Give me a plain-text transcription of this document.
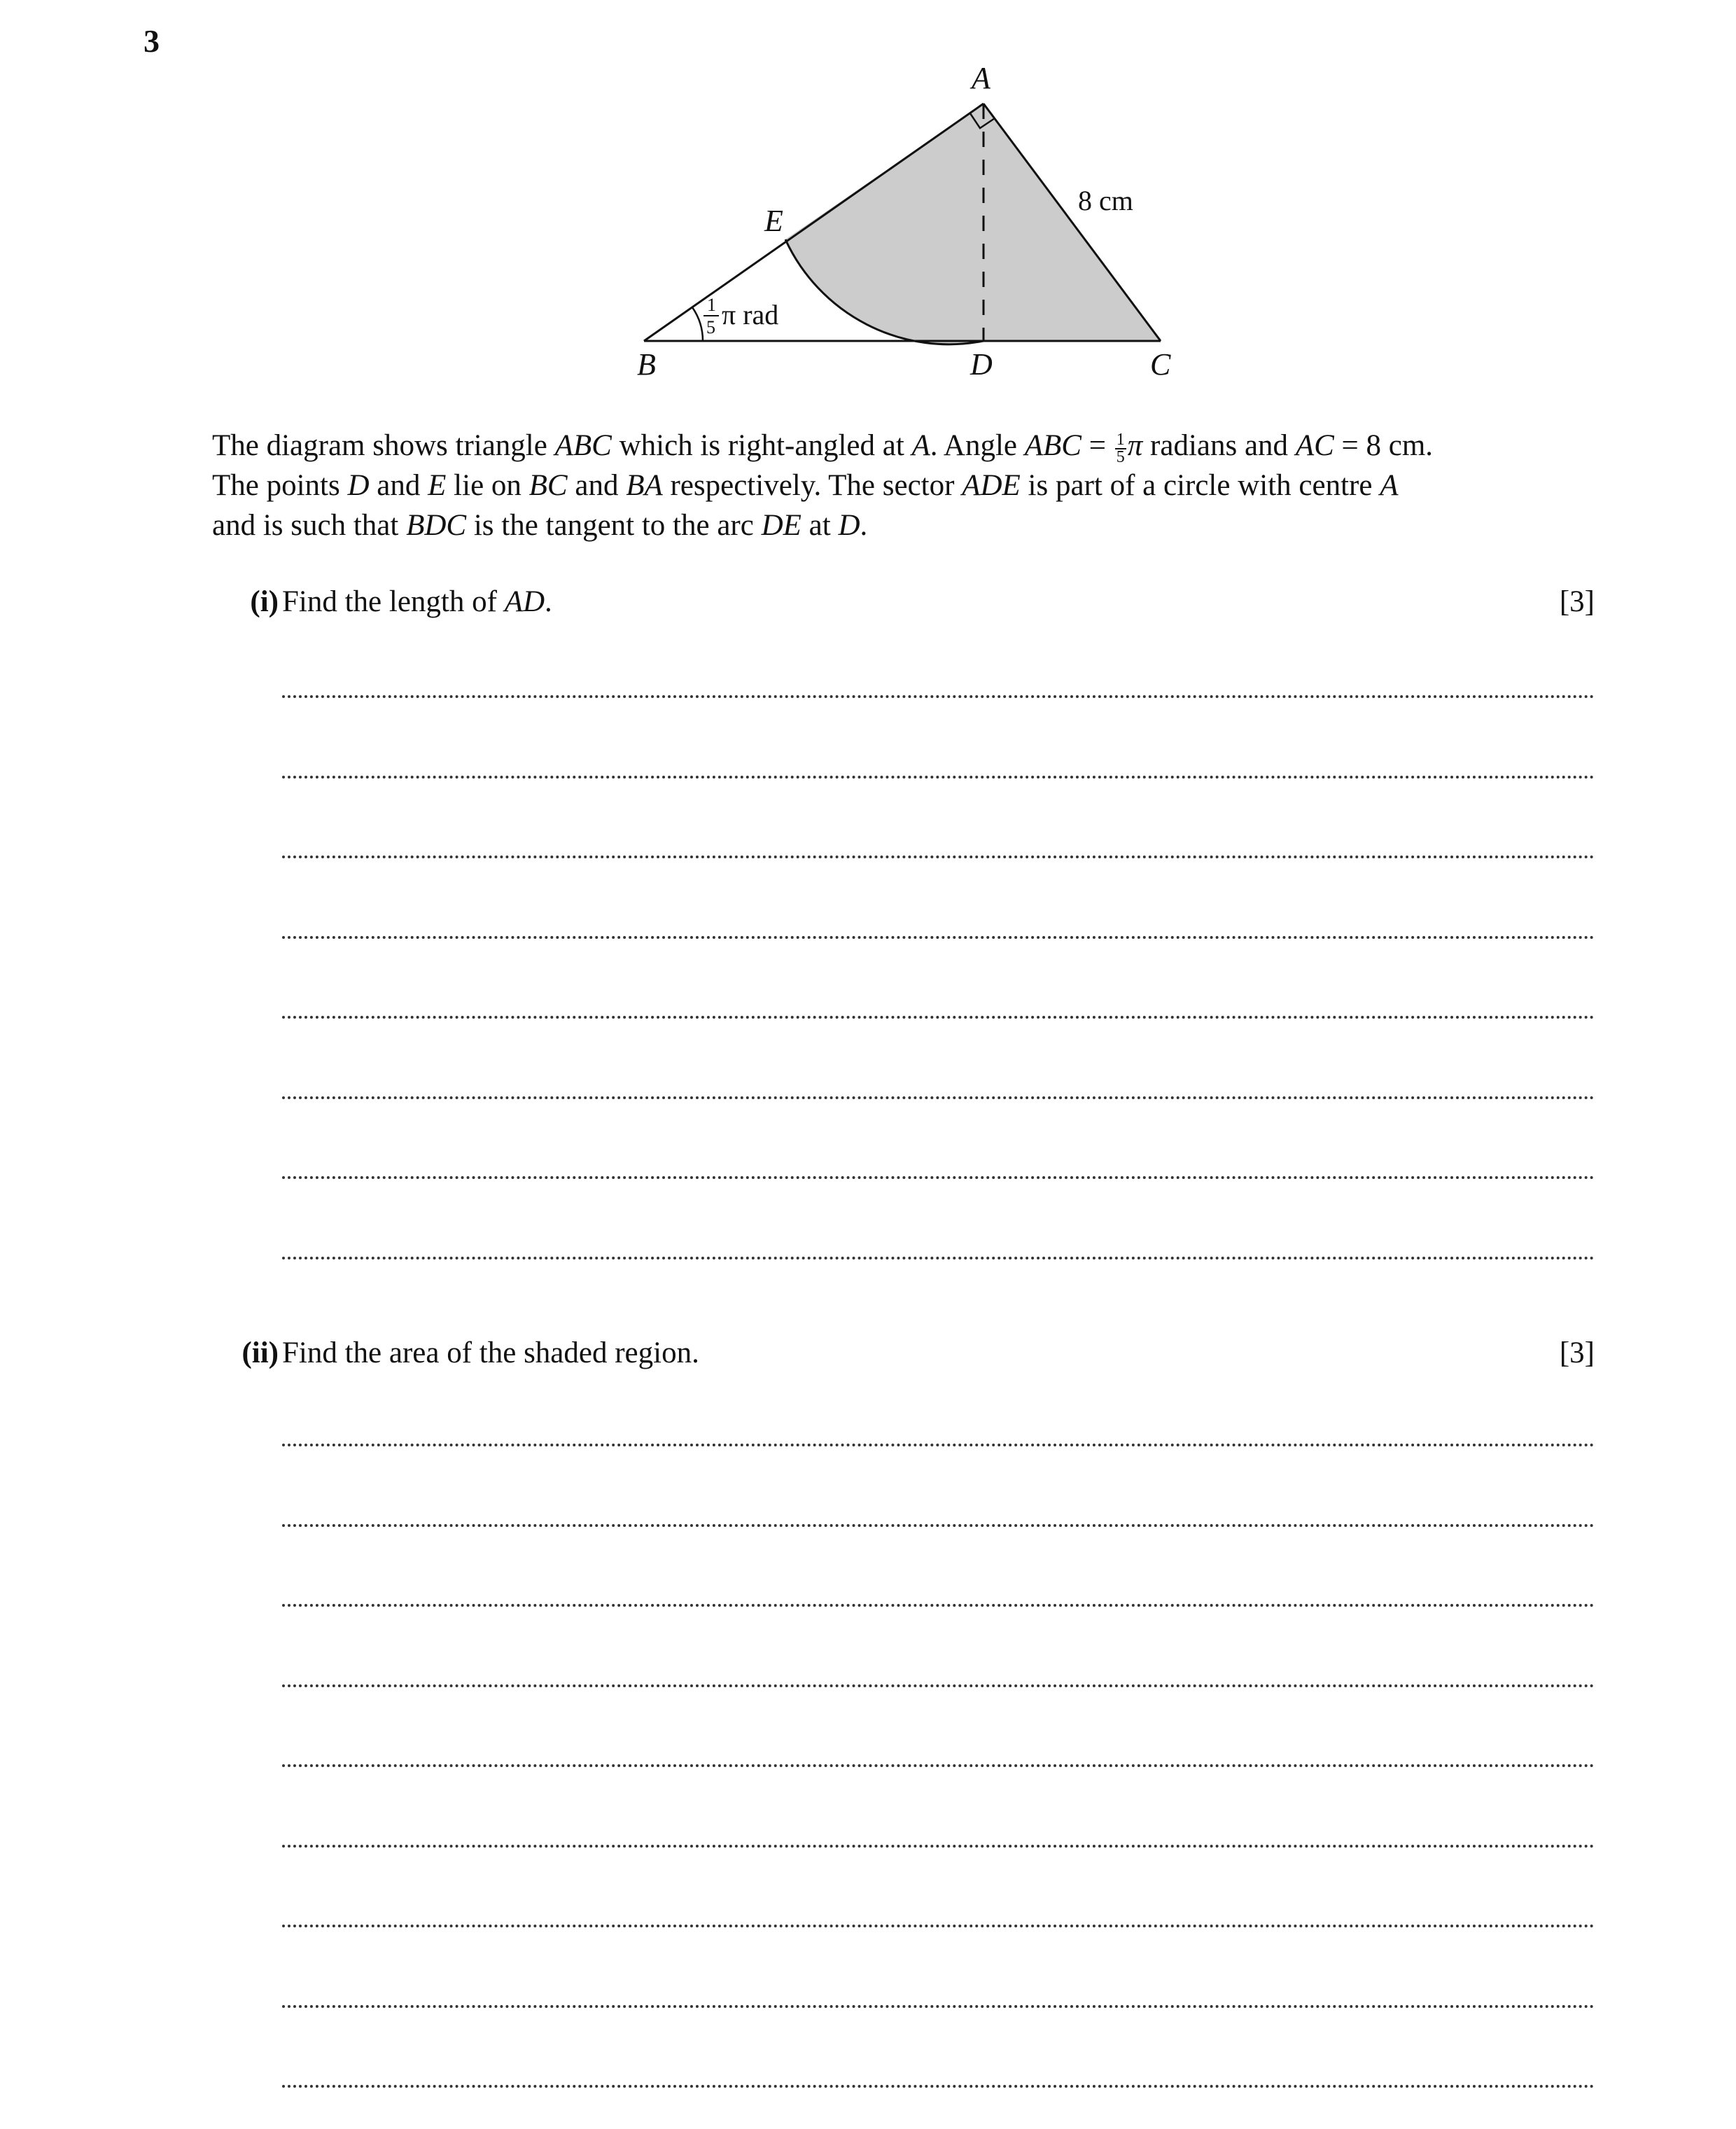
3
A
B	C
D
E
8 cm
1
5 π rad

The diagram shows triangle ABC which is right-angled at A. Angle ABC = $\frac{1}{5}$ π radians and AC = 8 cm.

The points D and E lie on BC and BA respectively. The sector ADE is part of a circle with centre A

and is such that BDC is the tangent to the arc DE at D.

(i) Find the length of AD.	[3]
(ii) Find the area of the shaded region.	[3]
